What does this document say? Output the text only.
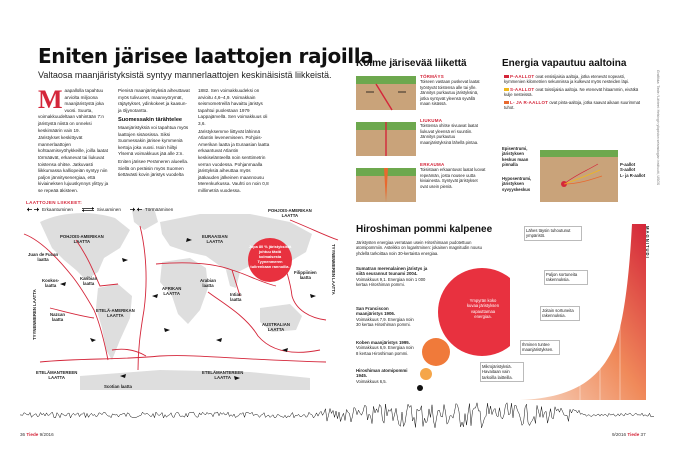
Eniten järisee laattojen rajoilla
Valtaosa maanjäristyksistä syntyy mannerlaattojen keskinäisistä liikkeistä.
M aapallolla tapahtuu arviolta miljoona maanjäristystä joka vuosi. Suurta, voimakkuudeltaan vähintään 7:n järistystä niistä on onneksi keskimäärin vain 19.

Järistykset keskittyvät mannerlaattojen kohtaamisvyöhykkeille, joilla laatat törmäävät, erkanevat tai liukuvat toistensa ohitse. Jatkuvasti liikkumassa kalliopeiän syntyy niin paljon jännitysenergiaa, että kiviaineksen lujuuskynnys ylittyy ja se repeää äkisteen.

Pienisä maanjäristyksiä aiheuttavat myös tulivuoret, maanvyörymät, räjäytykset, ydinkokeet ja kaasun- ja öljynotantta.

Suomessakin tärähtelee

Maanjäristyksiä voi tapahtua myös laattojen sisäosissa. Siksi Suomessakin järisee kymmeniä kertoja joka vuosi. Isoin hiiltyi Ylsemä voimakkuus jää alle 2:n.

Eniten järisee Perämeren alueella. Siellä on peräisin myös Suomen tiettävästi kovin järistys vuodelta

1882. Sen voimakkuudeksi on arvioitu 4,6–4,9. Voimakkain seismometreillä havaittu järistys tapahtui puolestaan 1979 Lappajärvellä. Sen voimakkuus oli 3,6.

Järistyksemme liittyvät lähinnä Atlantin levenemiseen. Pohjois-Amerikan laatta ja Euraasian laatta erkaantuvat Atlantin keskiselänteellä noin senttimetrin verran vuodessa. Pohjanmaalla järistyksiä aiheuttaa myös jääkauden jälkeinen maannousu Merenkurkussa. Vauhti on noin 0,8 millimetriä vuodessa.

LAATTOJEN LIIKKEET:
Erkaantuminen	Sivuaminen	Törmääminen
Jopa 80 % järistyksistä johtuu tästä kolmaisesta Tyynenmeren tulirenkaan rannoilla.
POHJOIS-AMERIKAN
LAATTA
POHJOIS-AMERIKAN
LAATTA
TYYNENMEREN LAATTA
TYYNENMEREN LAATTA
Juan de Fucan
laatta
Kookos-
laatta
Karibian
laatta
Nazcan
laatta
ETELÄ-AMERIKAN
LAATTA
AFRIKAN
LAATTA
EURAASIAN
LAATTA
Arabian
laatta
Intian
laatta
Filippiinien
laatta
AUSTRALIAN
LAATTA
ETELÄMANTEREEN
LAATTA
ETELÄMANTEREEN
LAATTA
Scotian laatta
Kolme järisevää liikettä
TÖRMÄYS
Toiseen vastaan puskevat laatat työntyvät toistensa alle tai ylle. Jännitys purkautuu järistyksinä, jotka syntyvät yleensä syvällä maan sisässä.
LIUKUMA
Toistensa ohitse sivuavat laatat liukuvat yleensä eri suuntiin. Jännitys purkautuu maanjäristyksinä lähellä pintaa.
ERKAUMA
Toisistaan erkaantuvat laatat luovat repeämän, josta nousee uutta kiviainesta. Syntyvät järistykset ovat usein pieniä.
Energia vapautuu aaltoina
P-AALLOT ovat ensisijaisia aaltoja, jotka etenevät nopeasti, kymmenien kilometrien sekunnissa ja kulkevat myös nesteiden läpi.
S-AALLOT ovat toissijaisia aaltoja. Ne etenevät hitaammin, eivätkä kulje nesteissä.
L- JA R-AALLOT ovat pinta-aaltoja, jotka saavat aikaan suurimmat tuhot.
Episentrumi, järistyksen keskus maan pinnalla
Hyposentrumi, järistyksen syvyyskeskus
P-aallot
S-aallot
L- ja R-aallot
Hiroshiman pommi kalpenee
Järistysten energiaa verrataan usein Hiroshimaan pudotettuun atomipommiin. Asteikko on logaritminen: jokainen magnitudin nousu yhdellä tarkoittaa noin 30-kertaista energiaa.
Ympyrän koko kuvaa järistyksen vapauttamaa energiaa.
Sumatran merenalainen järistys ja siitä seurannut tsunami 2004.
Voimakkuus 9,1. Energiaa noin 1 000 kertaa Hiroshiman pommi.
San Franciscon maanjäristys 1906.
Voimakkuus 7,9. Energiaa noin 30 kertaa Hiroshiman pommi.
Koben maanjäristys 1995.
Voimakkuus 6,9. Energiaa noin 8 kertaa Hiroshiman pommi.
Hiroshiman atomipommi 1945.
Voimakkuus 6,5.
Lähes täysin tuhoutunut ympäristö.
Paljon sortuneita rakennuksia.
Joitain sortuneita rakennuksia.
Ihminen tuntee maanjäristyksen.
Mikrojäristyksiä. Havaitaan vain tarkoilla laitteilla.
MAGNITUDI
36 Tiede 9/2016	9/2016 Tiede 37
Grafiikka: Tiede / Lähteet: Helsingin yliopiston seismologian instituutti, USGS
